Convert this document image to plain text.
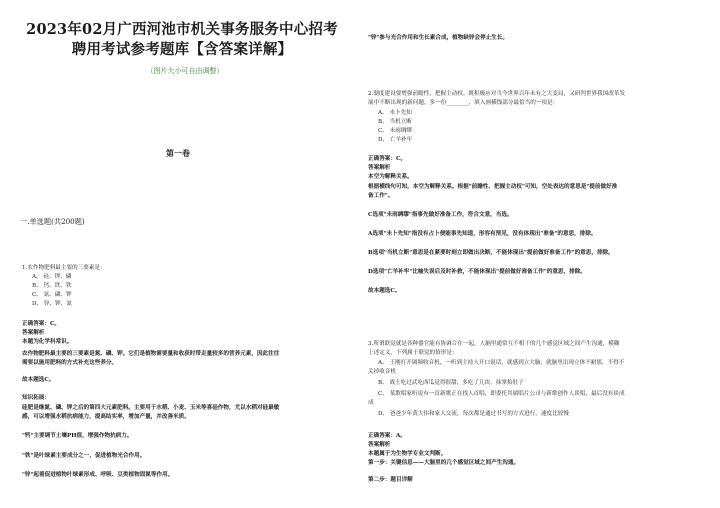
2023年02月广西河池市机关事务服务中心招考聘用考试参考题库【含答案详解】
（图片大小可自由调整）
第一卷
一.单选题(共200题)
1.农作物肥料最主要的三要素是：
A、 硅、钾、磷
B、 钙、铁、铁
C、 氮、磷、钾
D、 锌、钾、氮
正确答案：C。
答案解析
本题为化学科常识。
农作物肥料最主要的三要素是氮、磷、钾。它们是植物需要量和收获时带走量较多的营养元素，因此往往
需要以施用肥料的方式补充这些养分。
故本题选C。
知识拓展：
硅肥是继氮、磷、钾之后的第四大元素肥料。主要用于水稻、小麦、玉米等喜硅作物，尤以水稻对硅最敏
感，可以增强水稻抗病能力，提高结实率，增加产量，并改善米质。
"钙"主要调节土壤PH值，增强作物抗病力。
"铁"是叶绿素主要成分之一，促进植物光合作用。
"锌"起着促进植物叶绿素形成、呼吸、豆类植物固氮等作用。
"锌"参与光合作用和生长素合成，植物缺锌会停止生长。
2.制度建设要增强前瞻性，把握主动权。既积极应对当今世界百年未有之大变局，又研判世界我国改革发
展中不断出现的新问题，多一份________，填入画横线部分最恰当的一项是：
A、 未卜先知
B、 当机立断
C、 未雨绸缪
D、 亡羊补牢
正确答案：C。
答案解析
本空为解释关系。
根据横线句可知，本空为解释关系。根据"前瞻性、把握主动权"可知，空处表达的意思是"提前做好准
备工作"。
C选项"未雨绸缪"指事先做好准备工作，符合文意，当选。
A选项"未卜先知"指没有占卜便能事先知道，形容有预见，没有体现出"准备"的意思，排除。
B选项"当机立断"意思是在紧要时刻立即做出决断，不能体现出"提前做好准备工作"的意思，排除。
D选项"亡羊补牢"比喻失误后及时补救，不能体现出"提前做好准备工作"的意思，排除。
故本题选C。
3.所谓联觉就是各种器官能有协调合在一起，人脑里通常互不相干的几个感觉区域之间产生沟通，模糊
上述定义，下列属于联觉的情形是：
A、 王刚打开调频收音机，一听到主持人开口说话，就感到立大脑，就脑里出现立体不耐那，不得不
关掉收音机
B、 战士吃过武吃西瓜觉得很甜，多吃了几块，抹掌抬肚子
C、 某歌唱家听说有一首新歌正在找人首唱，即委托其属唱片公司与新歌创作人谈唱，最后没有谈成
成
D、 爸爸少年黄大伟和家人交流，每次都是通过书写的方式进行，速度比较慢
正确答案：A。
答案解析
本题属于为生物学专业文判断。
第一步：关键信息——大脑里的几个感觉区域之间产生沟通。
第二步：题目详解
